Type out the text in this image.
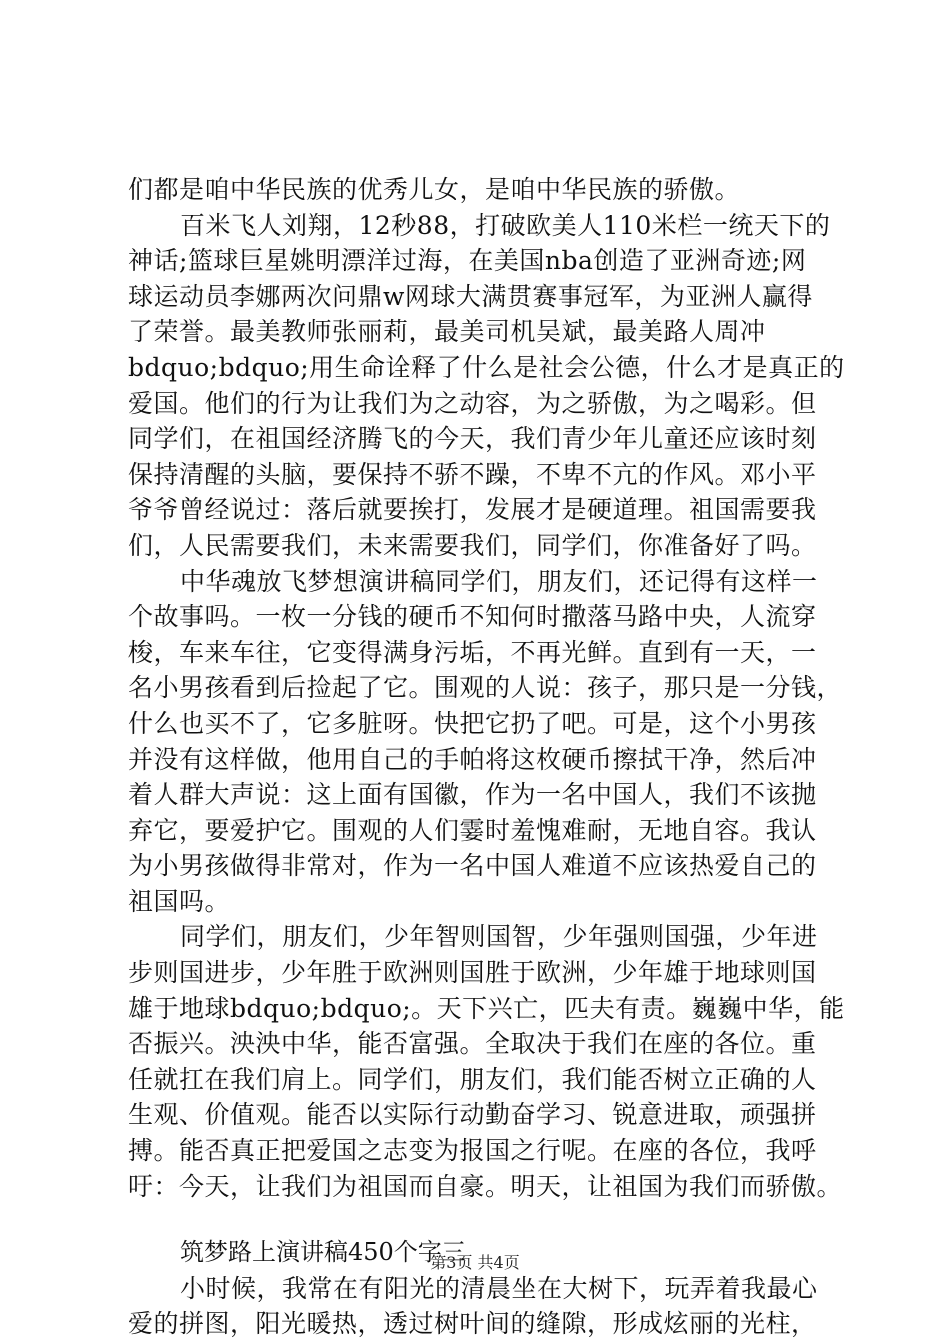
们都是咱中华民族的优秀儿女，是咱中华民族的骄傲。
百米飞人刘翔，12秒88，打破欧美人110米栏一统天下的
神话;篮球巨星姚明漂洋过海，在美国nba创造了亚洲奇迹;网
球运动员李娜两次问鼎w网球大满贯赛事冠军，为亚洲人赢得
了荣誉。最美教师张丽莉，最美司机吴斌，最美路人周冲
bdquo;bdquo;用生命诠释了什么是社会公德，什么才是真正的
爱国。他们的行为让我们为之动容，为之骄傲，为之喝彩。但
同学们，在祖国经济腾飞的今天，我们青少年儿童还应该时刻
保持清醒的头脑，要保持不骄不躁，不卑不亢的作风。邓小平
爷爷曾经说过：落后就要挨打，发展才是硬道理。祖国需要我
们，人民需要我们，未来需要我们，同学们，你准备好了吗。
中华魂放飞梦想演讲稿同学们，朋友们，还记得有这样一
个故事吗。一枚一分钱的硬币不知何时撒落马路中央，人流穿
梭，车来车往，它变得满身污垢，不再光鲜。直到有一天，一
名小男孩看到后捡起了它。围观的人说：孩子，那只是一分钱，
什么也买不了，它多脏呀。快把它扔了吧。可是，这个小男孩
并没有这样做，他用自己的手帕将这枚硬币擦拭干净，然后冲
着人群大声说：这上面有国徽，作为一名中国人，我们不该抛
弃它，要爱护它。围观的人们霎时羞愧难耐，无地自容。我认
为小男孩做得非常对，作为一名中国人难道不应该热爱自己的
祖国吗。
同学们，朋友们，少年智则国智，少年强则国强，少年进
步则国进步，少年胜于欧洲则国胜于欧洲，少年雄于地球则国
雄于地球bdquo;bdquo;。天下兴亡，匹夫有责。巍巍中华，能
否振兴。泱泱中华，能否富强。全取决于我们在座的各位。重
任就扛在我们肩上。同学们，朋友们，我们能否树立正确的人
生观、价值观。能否以实际行动勤奋学习、锐意进取，顽强拼
搏。能否真正把爱国之志变为报国之行呢。在座的各位，我呼
吁：今天，让我们为祖国而自豪。明天，让祖国为我们而骄傲。
筑梦路上演讲稿450个字三
小时候，我常在有阳光的清晨坐在大树下，玩弄着我最心
爱的拼图，阳光暖热，透过树叶间的缝隙，形成炫丽的光柱，
第3页 共4页
